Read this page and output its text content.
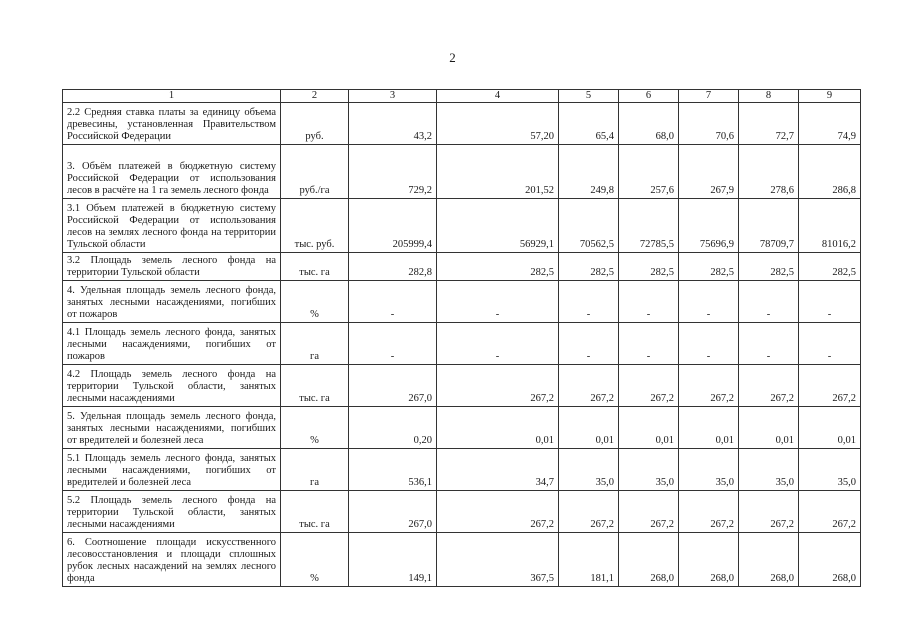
2
1	2	3	4	5	6	7	8	9
2.2 Средняя ставка платы за единицу объема древесины, установленная Правительством Российской Федерации	руб.	43,2	57,20	65,4	68,0	70,6	72,7	74,9
3. Объём платежей в бюджетную систему Российской Федерации от использования лесов в расчёте на 1 га земель лесного фонда	руб./га	729,2	201,52	249,8	257,6	267,9	278,6	286,8
3.1 Объем платежей в бюджетную систему Российской Федерации от использования лесов на землях лесного фонда на территории Тульской области	тыс. руб.	205999,4	56929,1	70562,5	72785,5	75696,9	78709,7	81016,2
3.2 Площадь земель лесного фонда на территории Тульской области	тыс. га	282,8	282,5	282,5	282,5	282,5	282,5	282,5
4. Удельная площадь земель лесного фонда, занятых лесными насаждениями, погибших от пожаров	%	-	-	-	-	-	-	-
4.1 Площадь земель лесного фонда, занятых лесными насаждениями, погибших от пожаров	га	-	-	-	-	-	-	-
4.2 Площадь земель лесного фонда на территории Тульской области, занятых лесными насаждениями	тыс. га	267,0	267,2	267,2	267,2	267,2	267,2	267,2
5. Удельная площадь земель лесного фонда, занятых лесными насаждениями, погибших от вредителей и болезней леса	%	0,20	0,01	0,01	0,01	0,01	0,01	0,01
5.1 Площадь земель лесного фонда, занятых лесными насаждениями, погибших от вредителей и болезней леса	га	536,1	34,7	35,0	35,0	35,0	35,0	35,0
5.2 Площадь земель лесного фонда на территории Тульской области, занятых лесными насаждениями	тыс. га	267,0	267,2	267,2	267,2	267,2	267,2	267,2
6. Соотношение площади искусственного лесовосстановления и площади сплошных рубок лесных насаждений на землях лесного фонда	%	149,1	367,5	181,1	268,0	268,0	268,0	268,0
